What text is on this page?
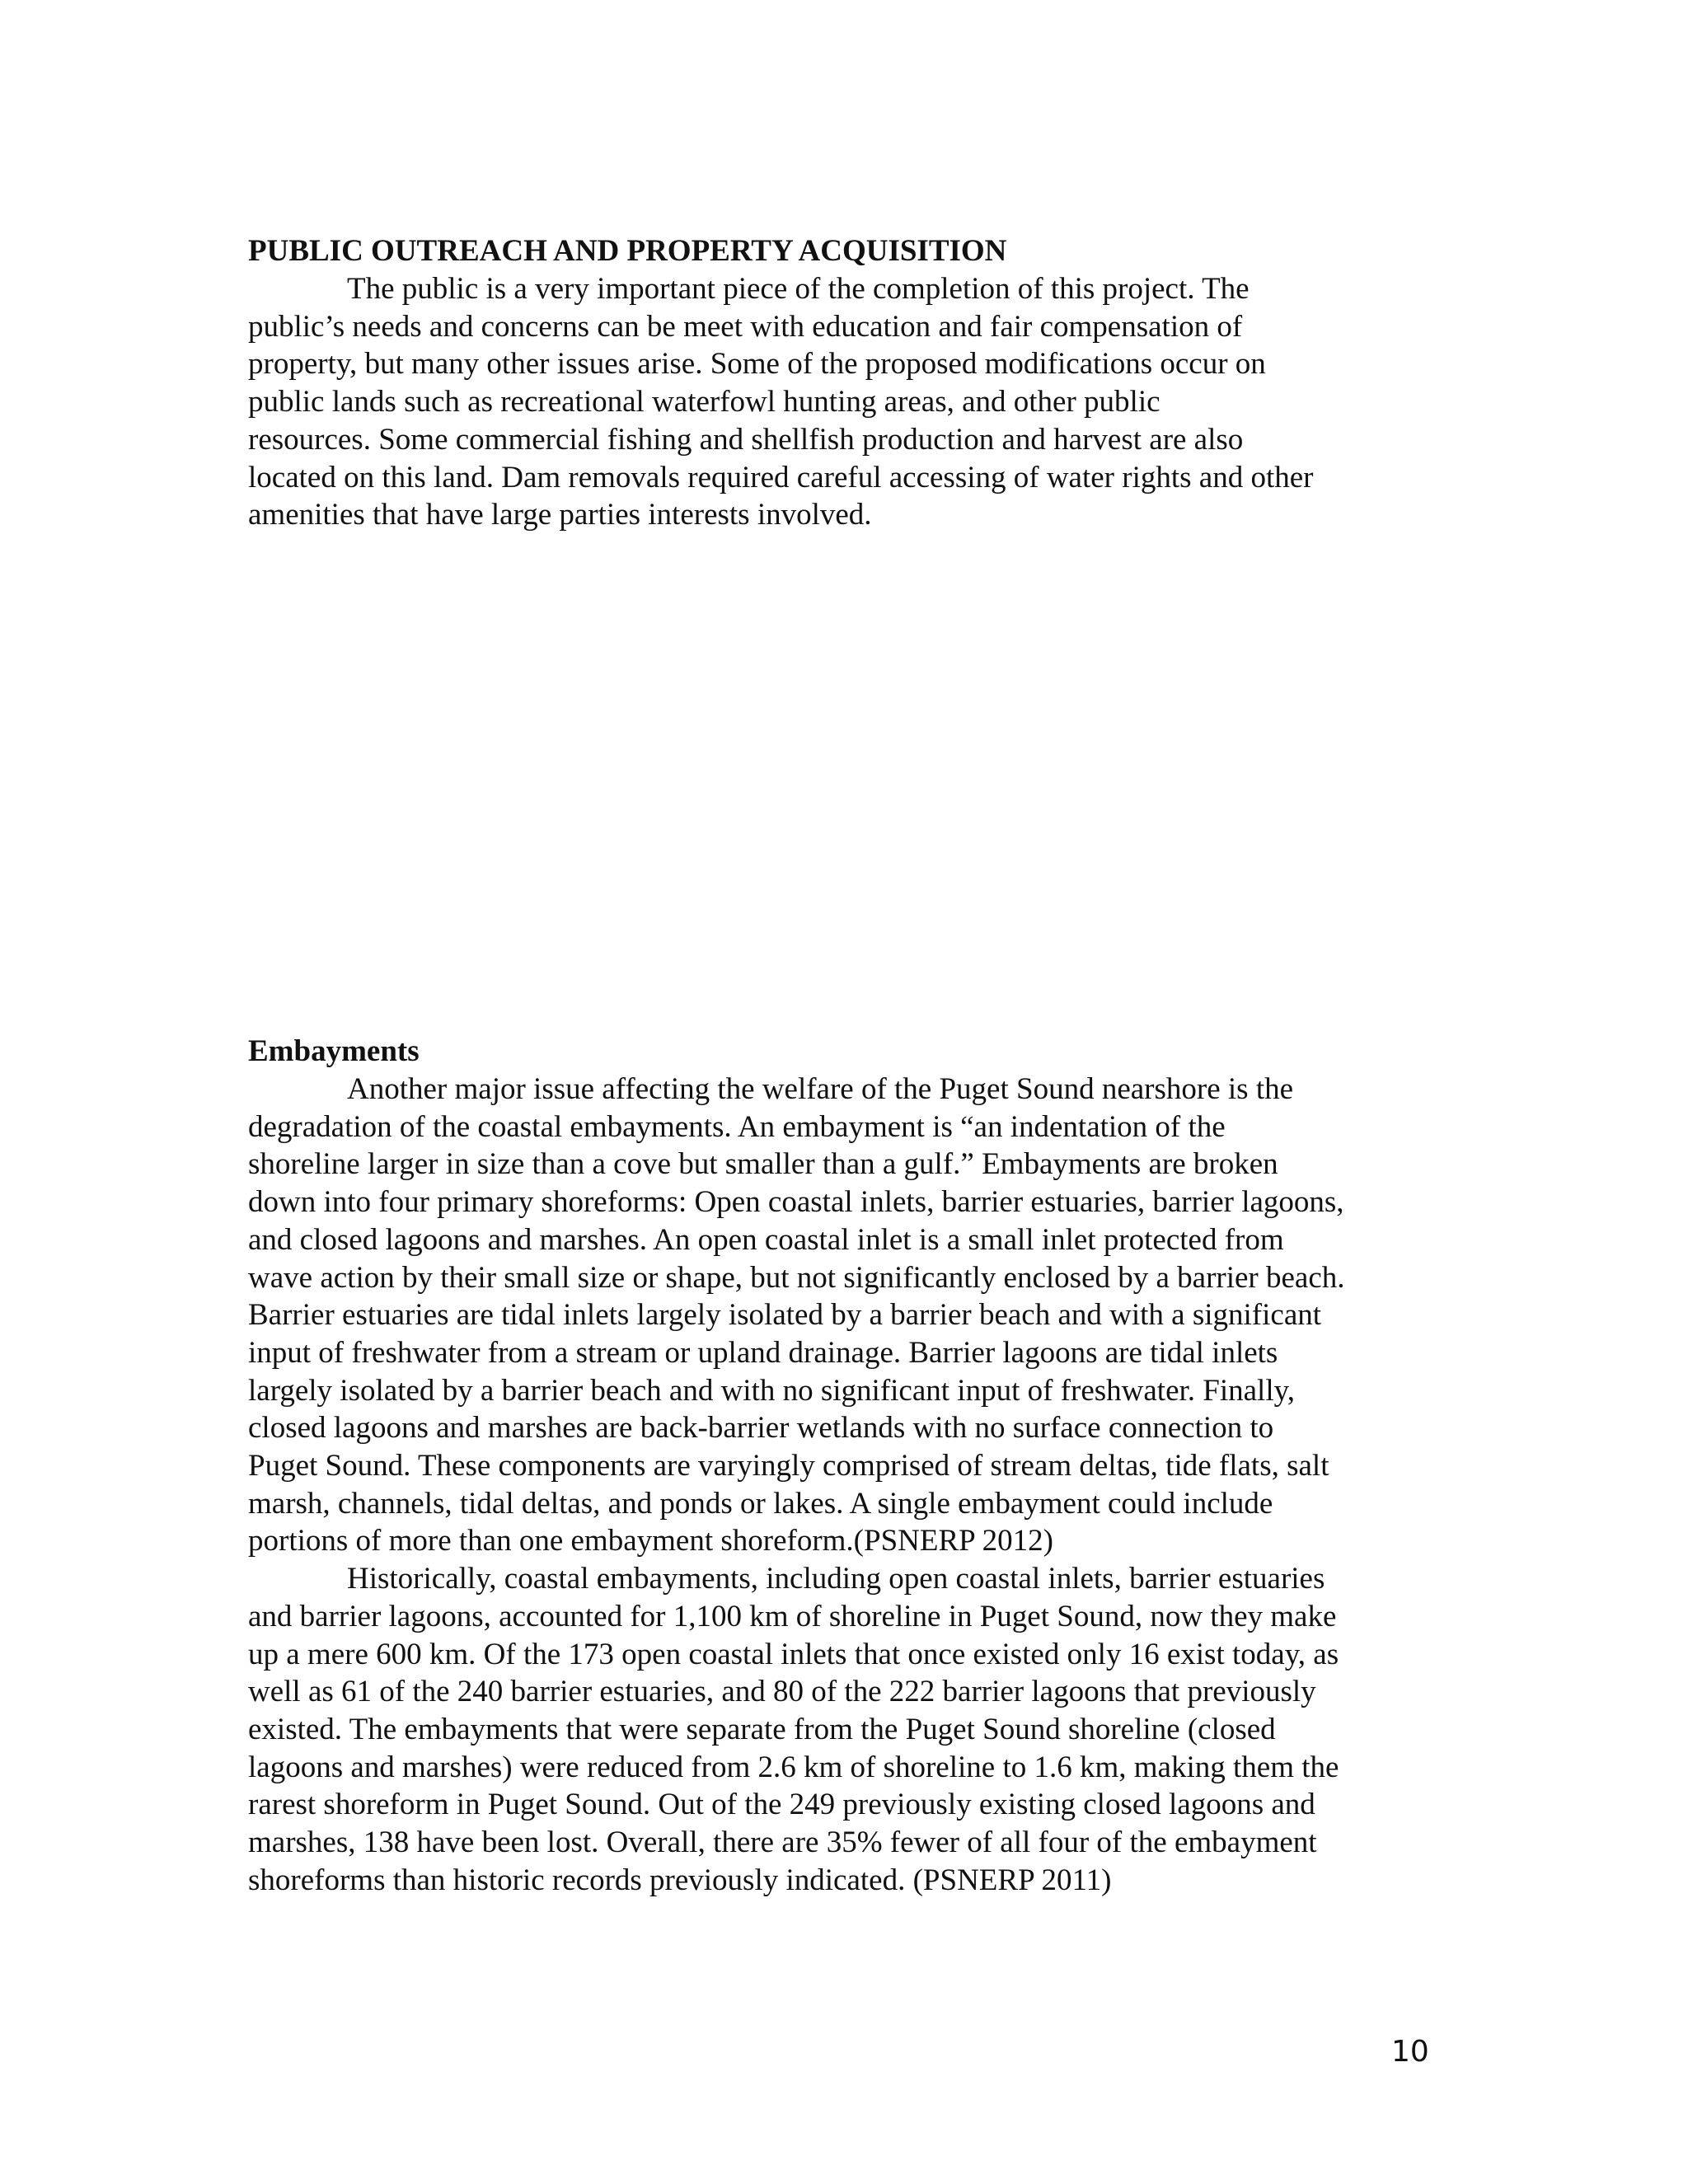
PUBLIC OUTREACH AND PROPERTY ACQUISITION

The public is a very important piece of the completion of this project. The

public’s needs and concerns can be meet with education and fair compensation of

property, but many other issues arise. Some of the proposed modifications occur on

public lands such as recreational waterfowl hunting areas, and other public

resources. Some commercial fishing and shellfish production and harvest are also

located on this land. Dam removals required careful accessing of water rights and other

amenities that have large parties interests involved.

Embayments

Another major issue affecting the welfare of the Puget Sound nearshore is the

degradation of the coastal embayments. An embayment is “an indentation of the

shoreline larger in size than a cove but smaller than a gulf.” Embayments are broken

down into four primary shoreforms: Open coastal inlets, barrier estuaries, barrier lagoons,

and closed lagoons and marshes. An open coastal inlet is a small inlet protected from

wave action by their small size or shape, but not significantly enclosed by a barrier beach.

Barrier estuaries are tidal inlets largely isolated by a barrier beach and with a significant

input of freshwater from a stream or upland drainage. Barrier lagoons are tidal inlets

largely isolated by a barrier beach and with no significant input of freshwater. Finally,

closed lagoons and marshes are back-barrier wetlands with no surface connection to

Puget Sound. These components are varyingly comprised of stream deltas, tide flats, salt

marsh, channels, tidal deltas, and ponds or lakes. A single embayment could include

portions of more than one embayment shoreform.(PSNERP 2012)

Historically, coastal embayments, including open coastal inlets, barrier estuaries

and barrier lagoons, accounted for 1,100 km of shoreline in Puget Sound, now they make

up a mere 600 km. Of the 173 open coastal inlets that once existed only 16 exist today, as

well as 61 of the 240 barrier estuaries, and 80 of the 222 barrier lagoons that previously

existed. The embayments that were separate from the Puget Sound shoreline (closed

lagoons and marshes) were reduced from 2.6 km of shoreline to 1.6 km, making them the

rarest shoreform in Puget Sound. Out of the 249 previously existing closed lagoons and

marshes, 138 have been lost. Overall, there are 35% fewer of all four of the embayment

shoreforms than historic records previously indicated. (PSNERP 2011)

10
